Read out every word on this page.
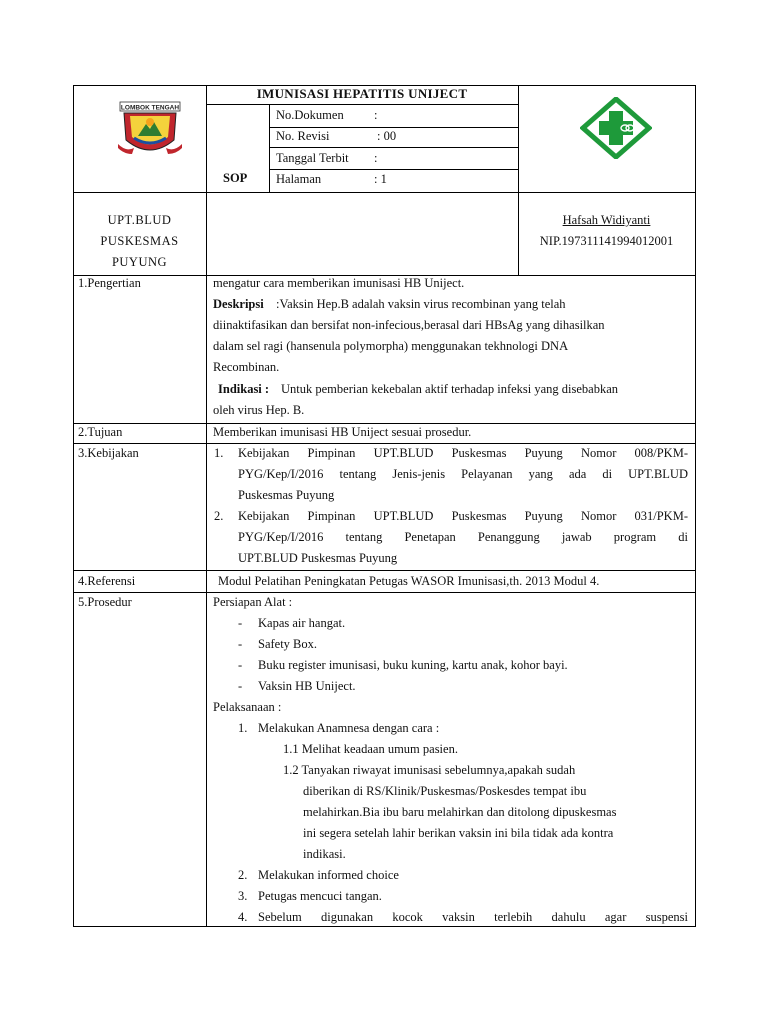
LOMBOK TENGAH
IMUNISASI HEPATITIS UNIJECT
SOP
No.Dokumen :
No. Revisi	: 00
Tanggal Terbit :
Halaman	: 1
UPT.BLUD
PUSKESMAS
PUYUNG
Hafsah Widiyanti
NIP.197311141994012001
1.Pengertian	mengatur cara memberikan imunisasi HB Uniject.
Deskripsi :Vaksin Hep.B adalah vaksin virus recombinan yang telah
diinaktifasikan dan bersifat non-infecious,berasal dari HBsAg yang dihasilkan
dalam sel ragi (hansenula polymorpha) menggunakan tekhnologi DNA
Recombinan.
Indikasi : Untuk pemberian kekebalan aktif terhadap infeksi yang disebabkan
oleh virus Hep. B.
2.Tujuan	Memberikan imunisasi HB Uniject sesuai prosedur.
3.Kebijakan	1. Kebijakan Pimpinan UPT.BLUD Puskesmas Puyung Nomor 008/PKM-
PYG/Kep/I/2016 tentang Jenis-jenis Pelayanan yang ada di UPT.BLUD
Puskesmas Puyung
2. Kebijakan Pimpinan UPT.BLUD Puskesmas Puyung Nomor 031/PKM-
PYG/Kep/I/2016 tentang Penetapan Penanggung jawab program di
UPT.BLUD Puskesmas Puyung
4.Referensi	Modul Pelatihan Peningkatan Petugas WASOR Imunisasi,th. 2013 Modul 4.
5.Prosedur	Persiapan Alat :
- Kapas air hangat.
- Safety Box.
- Buku register imunisasi, buku kuning, kartu anak, kohor bayi.
- Vaksin HB Uniject.
Pelaksanaan :
1. Melakukan Anamnesa dengan cara :
1.1 Melihat keadaan umum pasien.
1.2 Tanyakan riwayat imunisasi sebelumnya,apakah sudah
diberikan di RS/Klinik/Puskesmas/Poskesdes tempat ibu
melahirkan.Bia ibu baru melahirkan dan ditolong dipuskesmas
ini segera setelah lahir berikan vaksin ini bila tidak ada kontra
indikasi.
2. Melakukan informed choice
3. Petugas mencuci tangan.
4. Sebelum digunakan kocok vaksin terlebih dahulu agar suspensi
